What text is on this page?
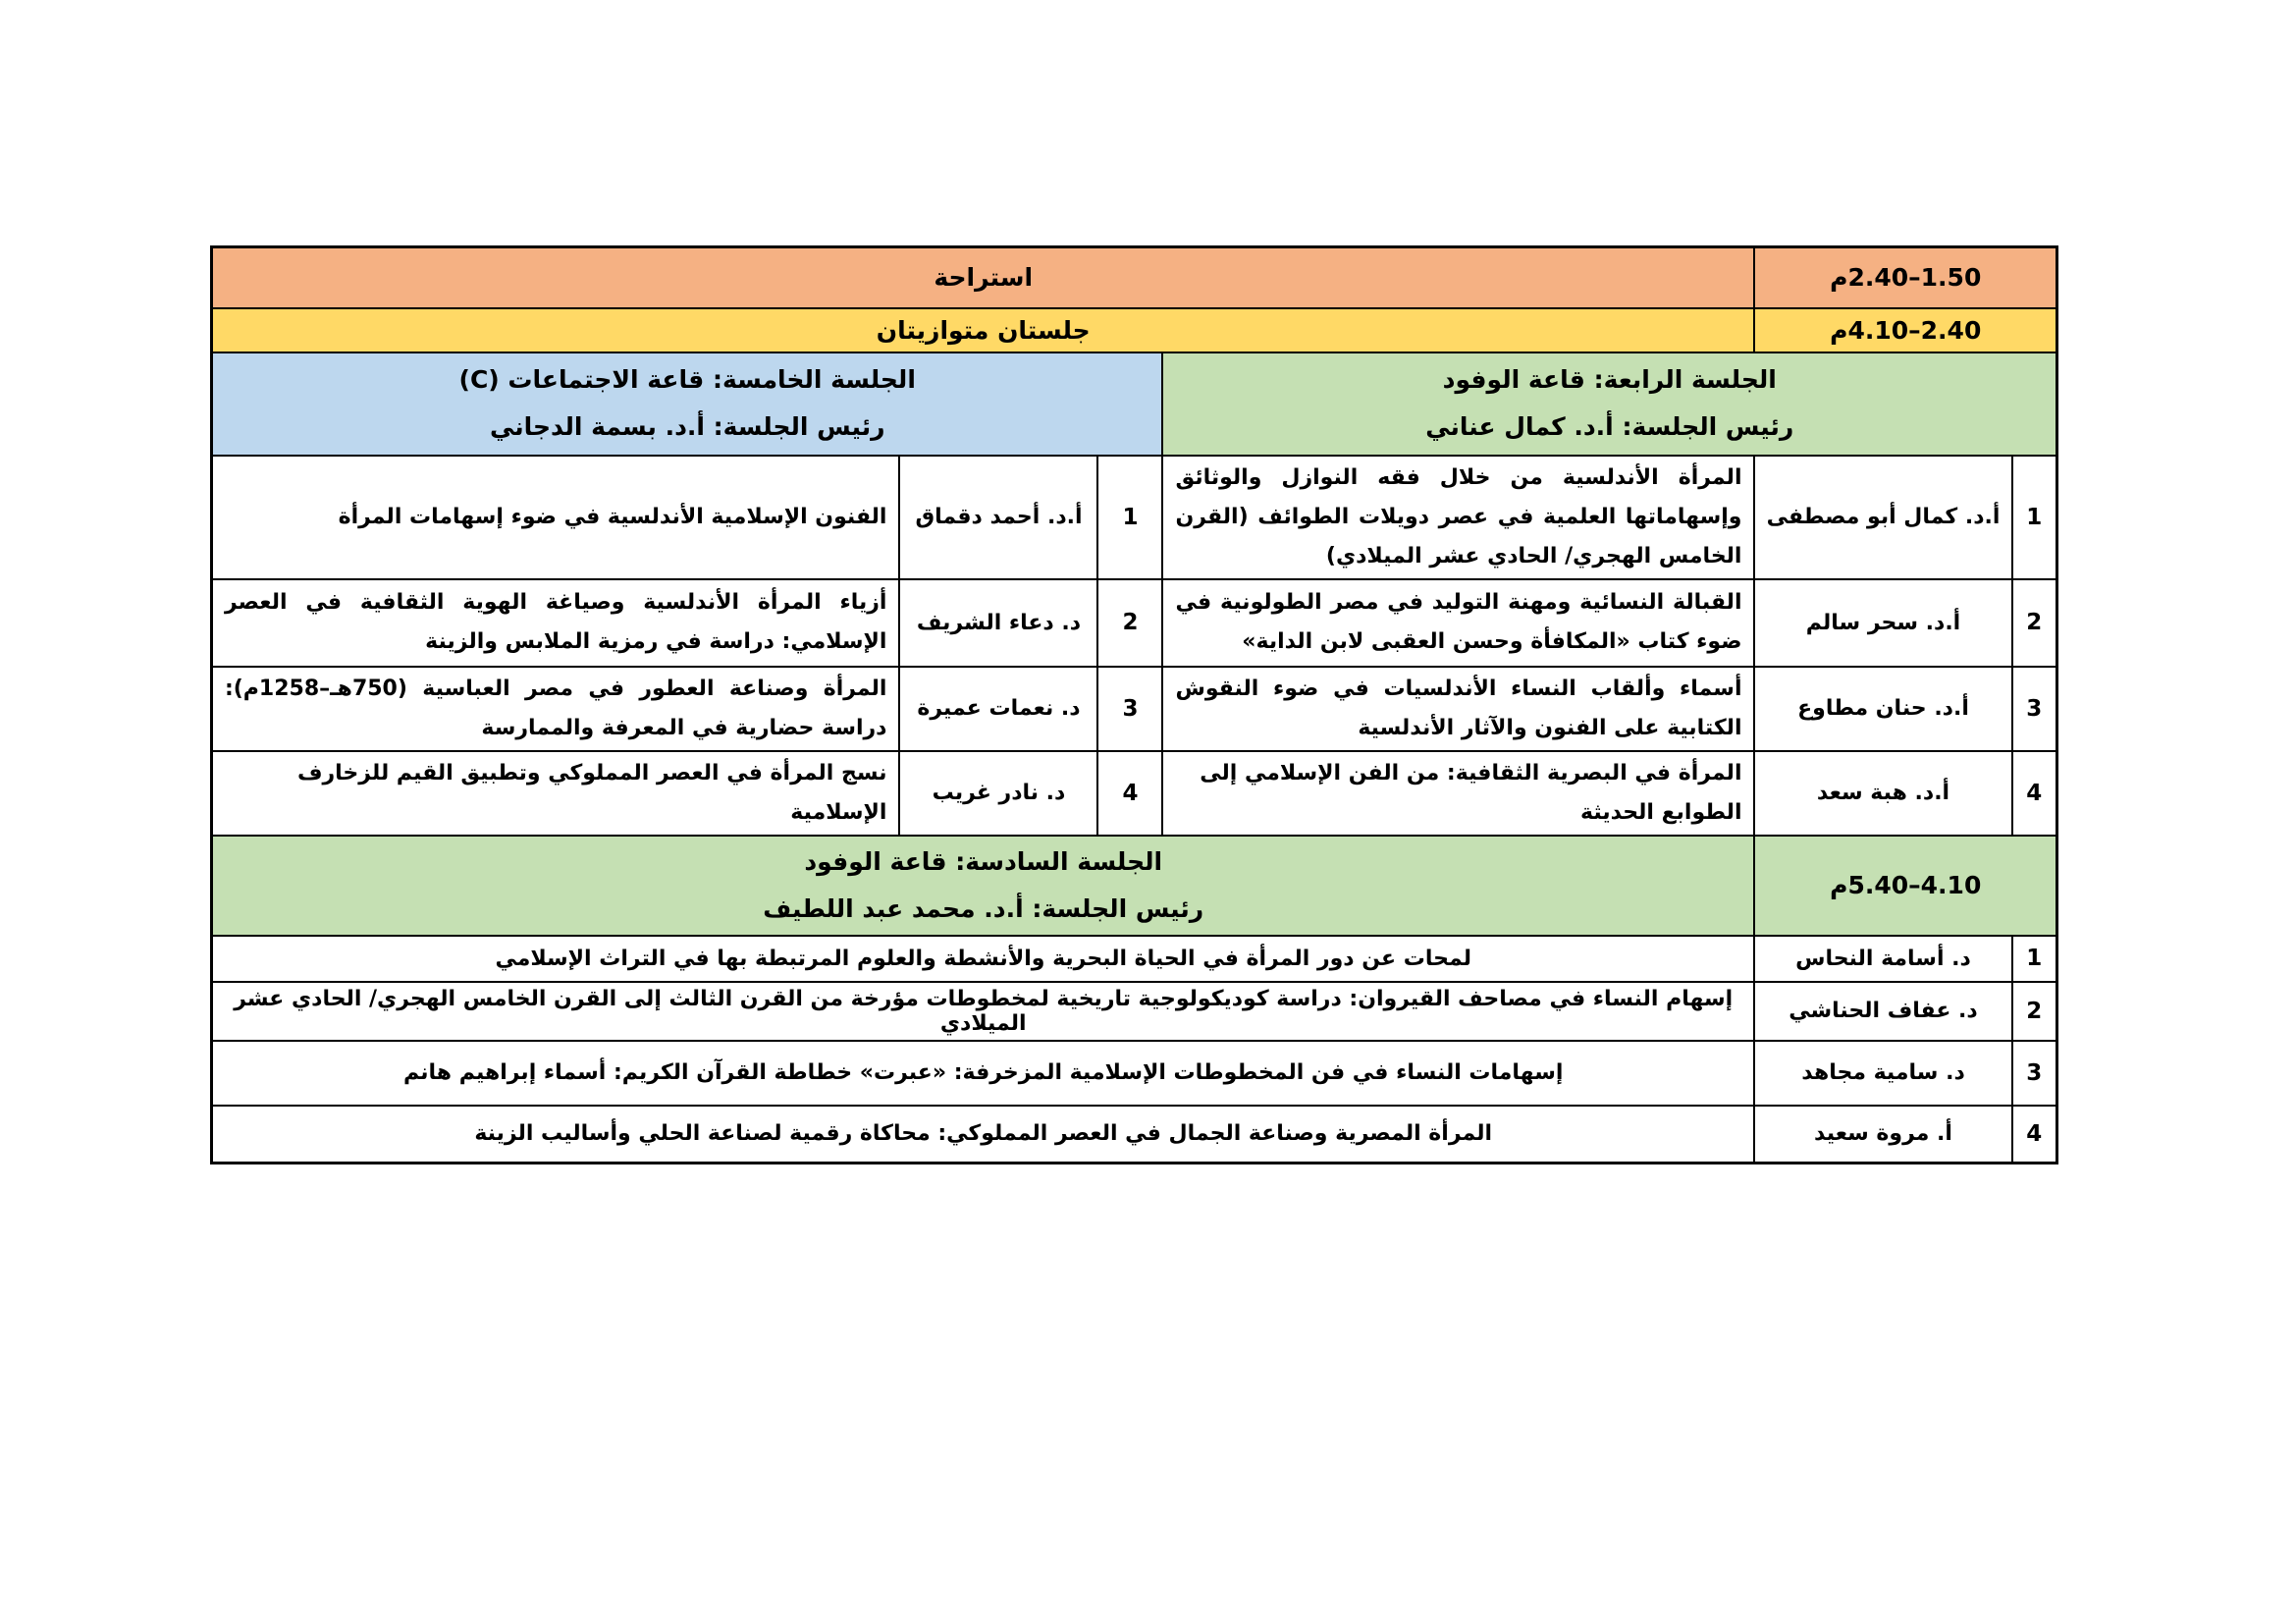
1.50–2.40م		استراحة			
2.40–4.10م		جلستان متوازيتان			

الجلسة الرابعة: قاعة الوفود
رئيس الجلسة: أ.د. كمال عناني

الجلسة الخامسة: قاعة الاجتماعات (C)
رئيس الجلسة: أ.د. بسمة الدجاني

1	أ.د. كمال أبو مصطفى	المرأة الأندلسية من خلال فقه النوازل والوثائق وإسهاماتها العلمية في عصر دويلات الطوائف (القرن الخامس الهجري/ الحادي عشر الميلادي)	1	أ.د. أحمد دقماق	الفنون الإسلامية الأندلسية في ضوء إسهامات المرأة
2	أ.د. سحر سالم	القبالة النسائية ومهنة التوليد في مصر الطولونية في ضوء كتاب «المكافأة وحسن العقبى لابن الداية»	2	د. دعاء الشريف	أزياء المرأة الأندلسية وصياغة الهوية الثقافية في العصر الإسلامي: دراسة في رمزية الملابس والزينة
3	أ.د. حنان مطاوع	أسماء وألقاب النساء الأندلسيات في ضوء النقوش الكتابية على الفنون والآثار الأندلسية	3	د. نعمات عميرة	المرأة وصناعة العطور في مصر العباسية (750هـ–1258م): دراسة حضارية في المعرفة والممارسة
4	أ.د. هبة سعد	المرأة في البصرية الثقافية: من الفن الإسلامي إلى الطوابع الحديثة	4	د. نادر غريب	نسج المرأة في العصر المملوكي وتطبيق القيم للزخارف الإسلامية
4.10–5.40م		الجلسة السادسة: قاعة الوفود
رئيس الجلسة: أ.د. محمد عبد اللطيف			

1	د. أسامة النحاس	لمحات عن دور المرأة في الحياة البحرية والأنشطة والعلوم المرتبطة بها في التراث الإسلامي			
2	د. عفاف الحناشي	إسهام النساء في مصاحف القيروان: دراسة كوديكولوجية تاريخية لمخطوطات مؤرخة من القرن الثالث إلى القرن الخامس الهجري/ الحادي عشر الميلادي			
3	د. سامية مجاهد	إسهامات النساء في فن المخطوطات الإسلامية المزخرفة: «عبرت» خطاطة القرآن الكريم: أسماء إبراهيم هانم			
4	أ. مروة سعيد	المرأة المصرية وصناعة الجمال في العصر المملوكي: محاكاة رقمية لصناعة الحلي وأساليب الزينة			
